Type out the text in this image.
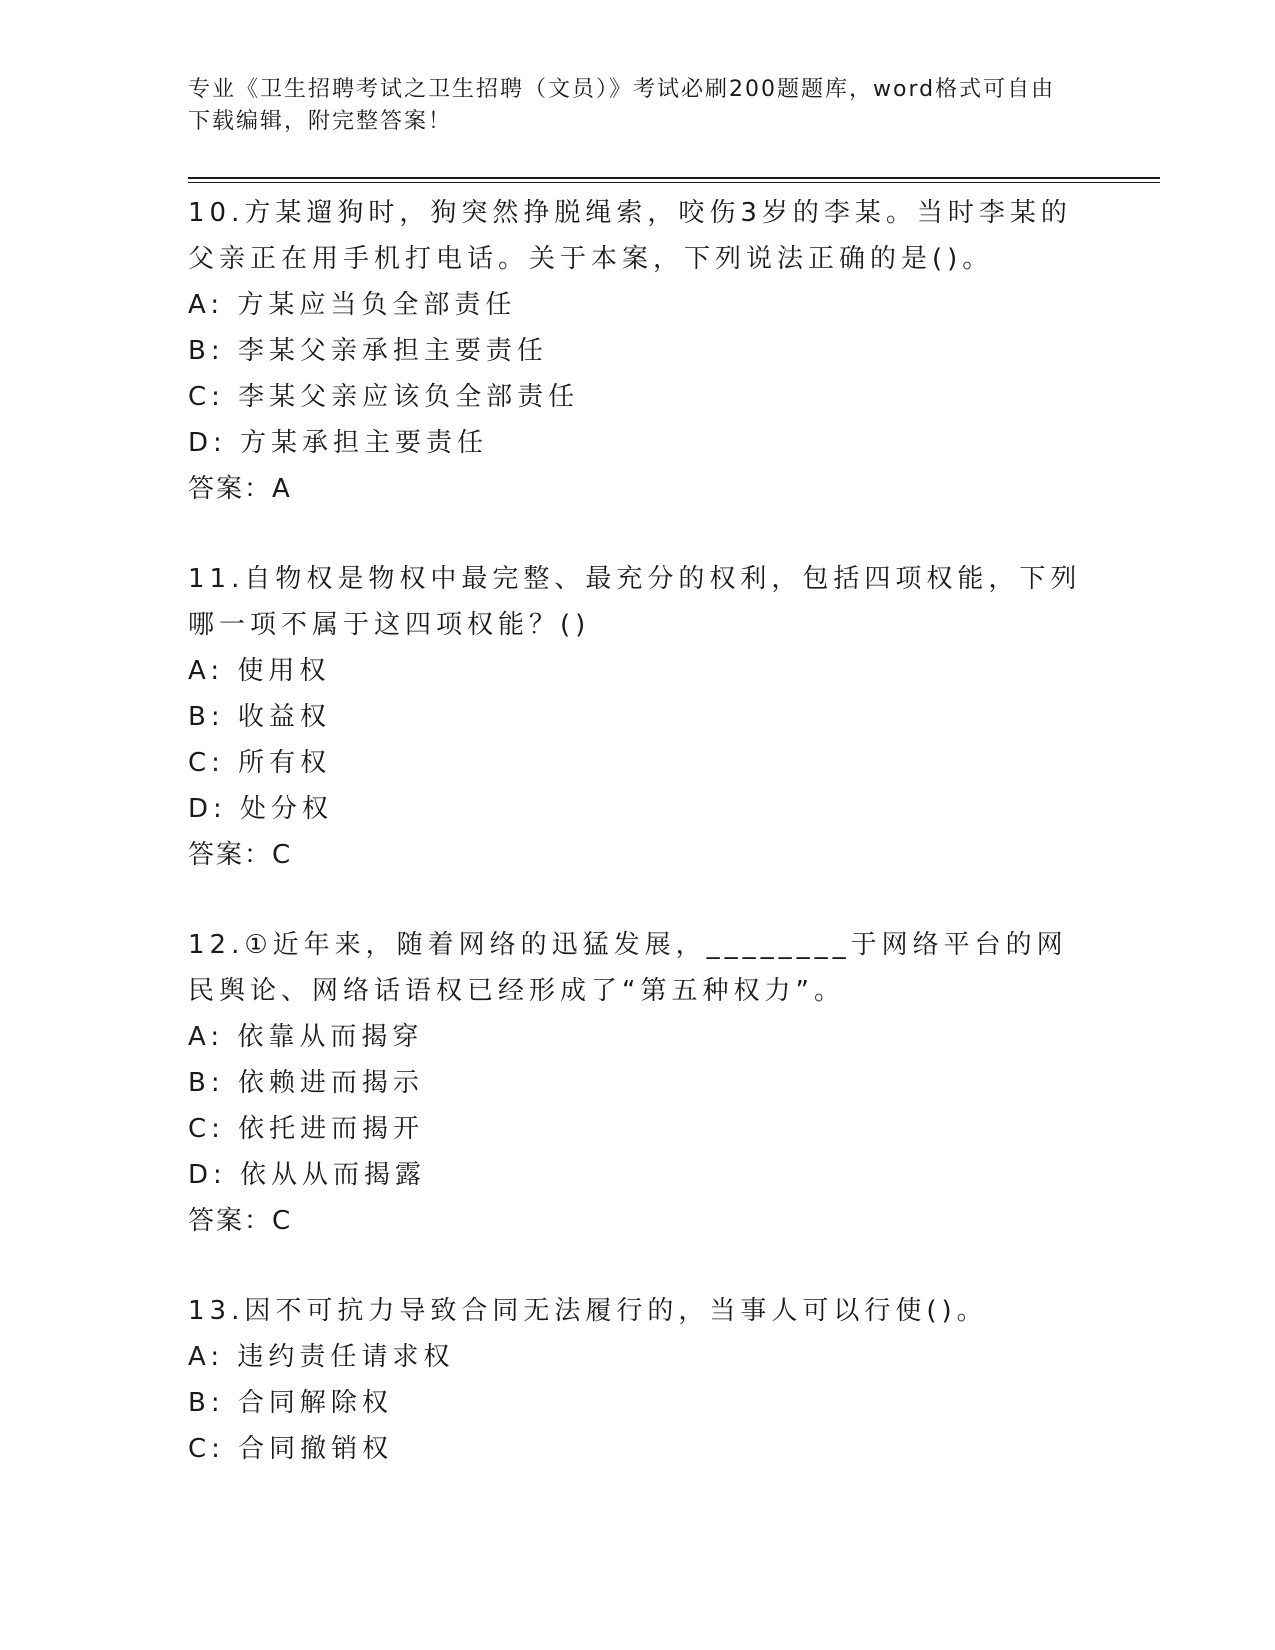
专业《卫生招聘考试之卫生招聘（文员）》考试必刷200题题库，word格式可自由下载编辑，附完整答案！

10.方某遛狗时，狗突然挣脱绳索，咬伤3岁的李某。当时李某的父亲正在用手机打电话。关于本案，下列说法正确的是()。

A: 方某应当负全部责任

B: 李某父亲承担主要责任

C: 李某父亲应该负全部责任

D: 方某承担主要责任

答案：A

11.自物权是物权中最完整、最充分的权利，包括四项权能，下列哪一项不属于这四项权能？()

A: 使用权

B: 收益权

C: 所有权

D: 处分权

答案：C

12.①近年来，随着网络的迅猛发展，________于网络平台的网民舆论、网络话语权已经形成了“第五种权力”。

A: 依靠从而揭穿

B: 依赖进而揭示

C: 依托进而揭开

D: 依从从而揭露

答案：C

13.因不可抗力导致合同无法履行的，当事人可以行使()。

A: 违约责任请求权

B: 合同解除权

C: 合同撤销权
